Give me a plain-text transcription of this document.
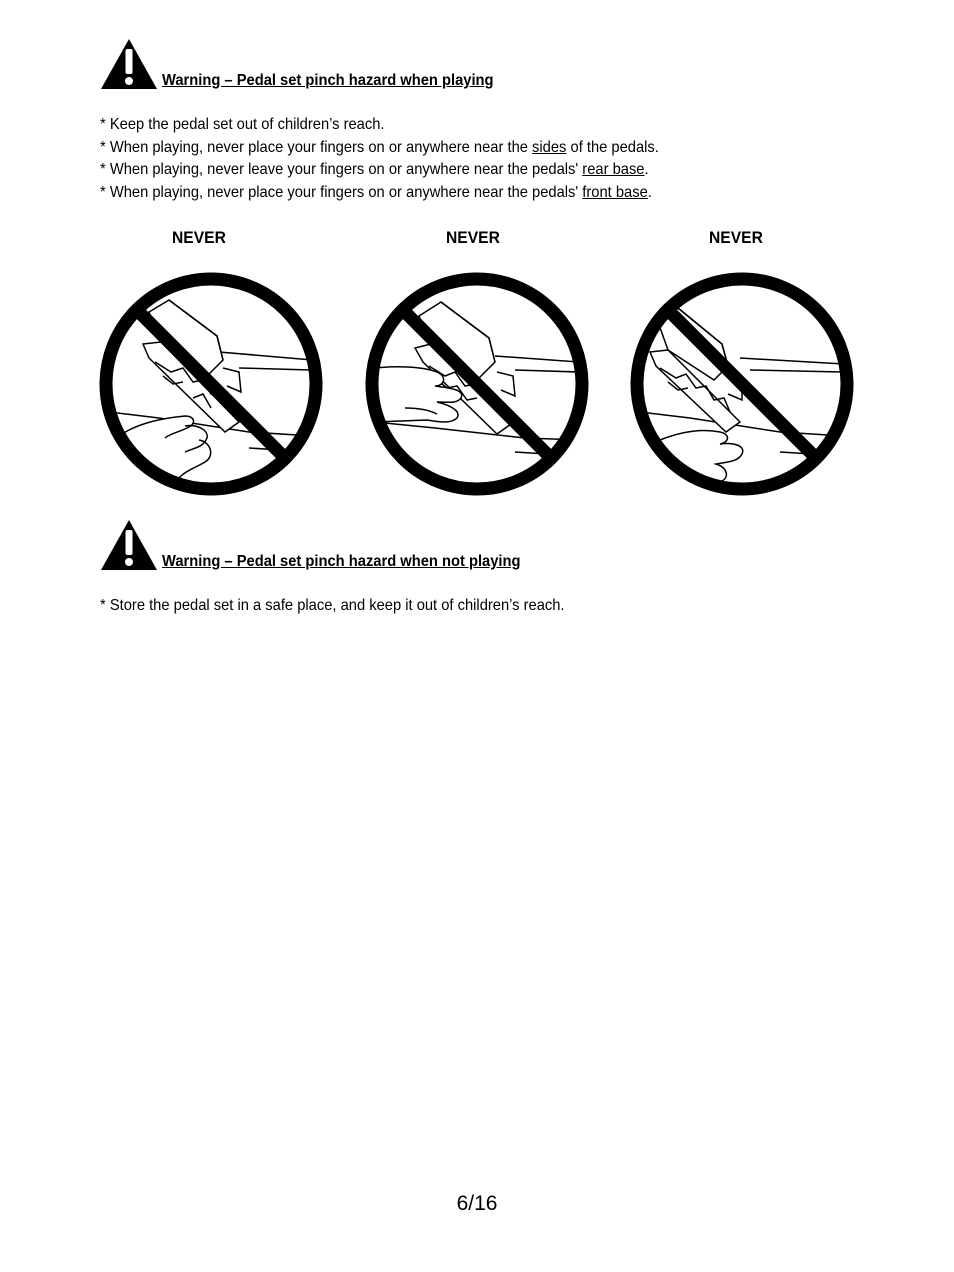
Warning – Pedal set pinch hazard when playing
* Keep the pedal set out of children’s reach.
* When playing, never place your fingers on or anywhere near the sides of the pedals.
* When playing, never leave your fingers on or anywhere near the pedals' rear base.
* When playing, never place your fingers on or anywhere near the pedals' front base.
NEVER	NEVER	NEVER
Warning – Pedal set pinch hazard when not playing
* Store the pedal set in a safe place, and keep it out of children’s reach.
6/16
